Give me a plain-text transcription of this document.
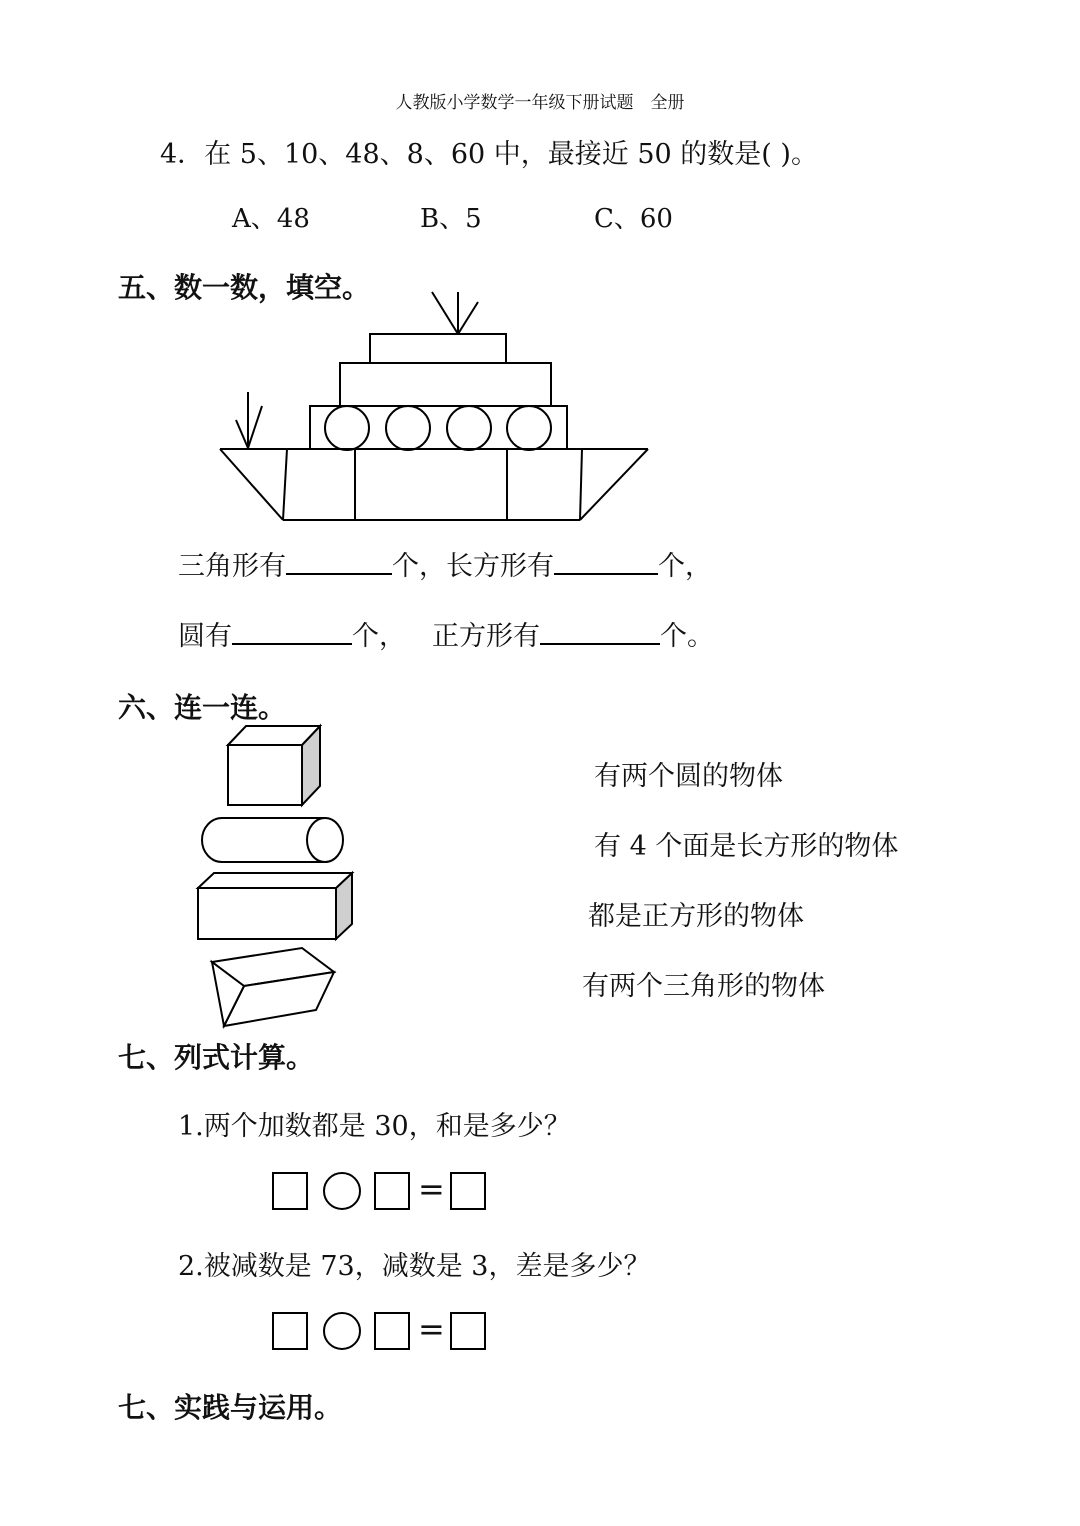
人教版小学数学一年级下册试题　全册
4．在 5、10、48、8、60 中，最接近 50 的数是( )。
A、48	B、5	C、60
五、数一数，填空。
三角形有	个，长方形有	个，
圆有	个， 正方形有	个。
六、连一连。
有两个圆的物体
有 4 个面是长方形的物体
都是正方形的物体
有两个三角形的物体
七、列式计算。
1.两个加数都是 30，和是多少？
=
2.被减数是 73，减数是 3，差是多少？
=
七、实践与运用。
